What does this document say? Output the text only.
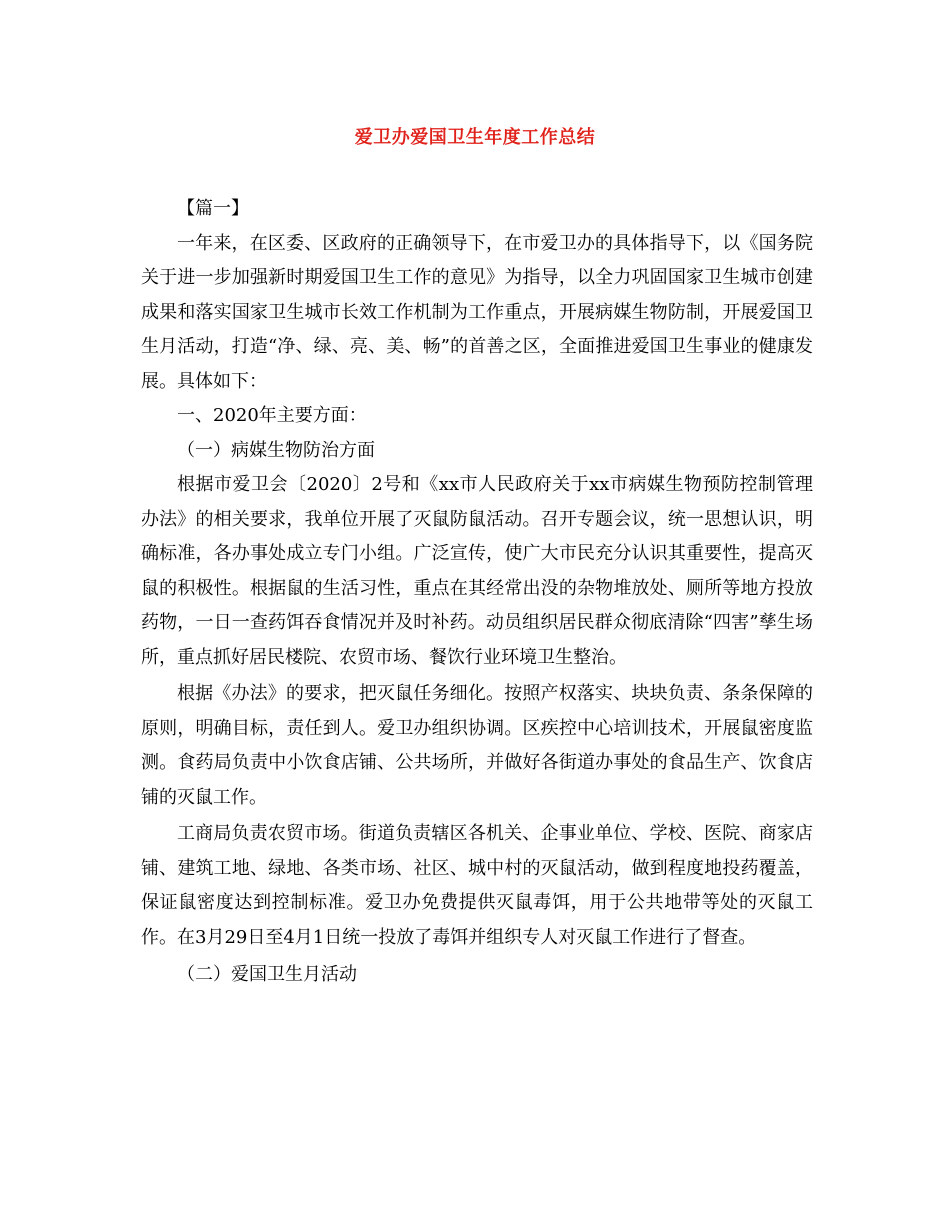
爱卫办爱国卫生年度工作总结

【篇一】

一年来，在区委、区政府的正确领导下，在市爱卫办的具体指导下，以《国务院关于进一步加强新时期爱国卫生工作的意见》为指导，以全力巩固国家卫生城市创建成果和落实国家卫生城市长效工作机制为工作重点，开展病媒生物防制，开展爱国卫生月活动，打造“净、绿、亮、美、畅”的首善之区，全面推进爱国卫生事业的健康发展。具体如下：

一、2020年主要方面：

（一）病媒生物防治方面

根据市爱卫会〔2020〕2号和《xx市人民政府关于xx市病媒生物预防控制管理办法》的相关要求，我单位开展了灭鼠防鼠活动。召开专题会议，统一思想认识，明确标准，各办事处成立专门小组。广泛宣传，使广大市民充分认识其重要性，提高灭鼠的积极性。根据鼠的生活习性，重点在其经常出没的杂物堆放处、厕所等地方投放药物，一日一查药饵吞食情况并及时补药。动员组织居民群众彻底清除“四害”孳生场所，重点抓好居民楼院、农贸市场、餐饮行业环境卫生整治。

根据《办法》的要求，把灭鼠任务细化。按照产权落实、块块负责、条条保障的原则，明确目标，责任到人。爱卫办组织协调。区疾控中心培训技术，开展鼠密度监测。食药局负责中小饮食店铺、公共场所，并做好各街道办事处的食品生产、饮食店铺的灭鼠工作。

工商局负责农贸市场。街道负责辖区各机关、企事业单位、学校、医院、商家店铺、建筑工地、绿地、各类市场、社区、城中村的灭鼠活动，做到程度地投药覆盖，保证鼠密度达到控制标准。爱卫办免费提供灭鼠毒饵，用于公共地带等处的灭鼠工作。在3月29日至4月1日统一投放了毒饵并组织专人对灭鼠工作进行了督查。

（二）爱国卫生月活动
